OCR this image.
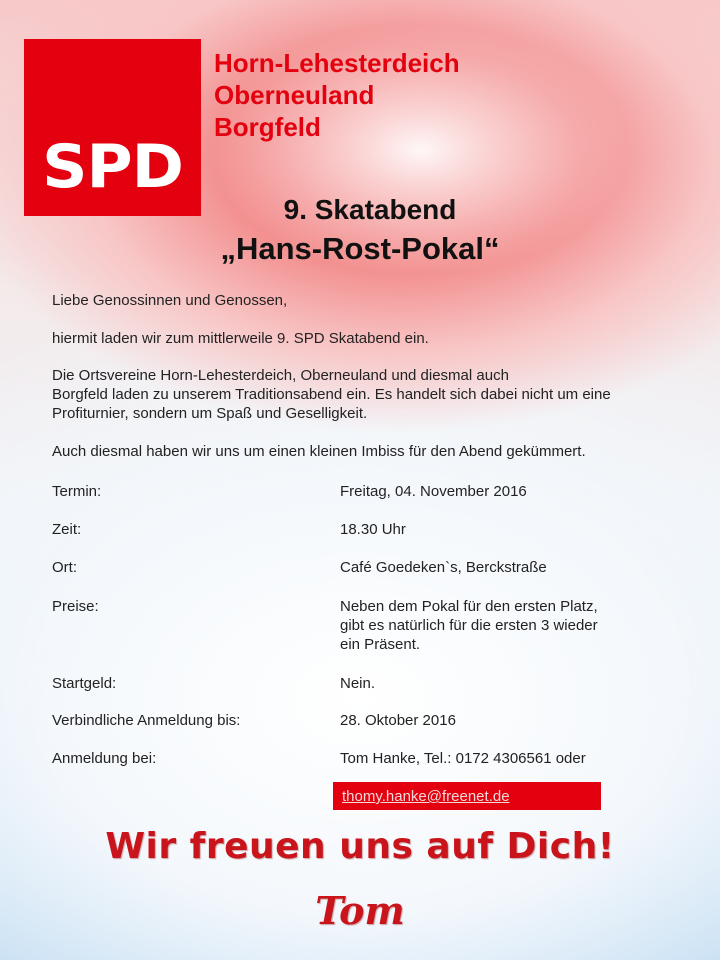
SPD
Horn-Lehesterdeich
Oberneuland
Borgfeld
9. Skatabend
„Hans-Rost-Pokal“
Liebe Genossinnen und Genossen,
hiermit laden wir zum mittlerweile 9. SPD Skatabend ein.
Die Ortsvereine Horn-Lehesterdeich, Oberneuland und diesmal auch
Borgfeld laden zu unserem Traditionsabend ein. Es handelt sich dabei nicht um eine
Profiturnier, sondern um Spaß und Geselligkeit.
Auch diesmal haben wir uns um einen kleinen Imbiss für den Abend gekümmert.
Termin:	Freitag, 04. November 2016
Zeit:	18.30 Uhr
Ort:	Café Goedeken`s, Berckstraße
Preise:	Neben dem Pokal für den ersten Platz,
gibt es natürlich für die ersten 3 wieder
ein Präsent.
Startgeld:	Nein.
Verbindliche Anmeldung bis:	28. Oktober 2016
Anmeldung bei:	Tom Hanke, Tel.: 0172 4306561 oder
thomy.hanke@freenet.de
Wir freuen uns auf Dich!
Tom
